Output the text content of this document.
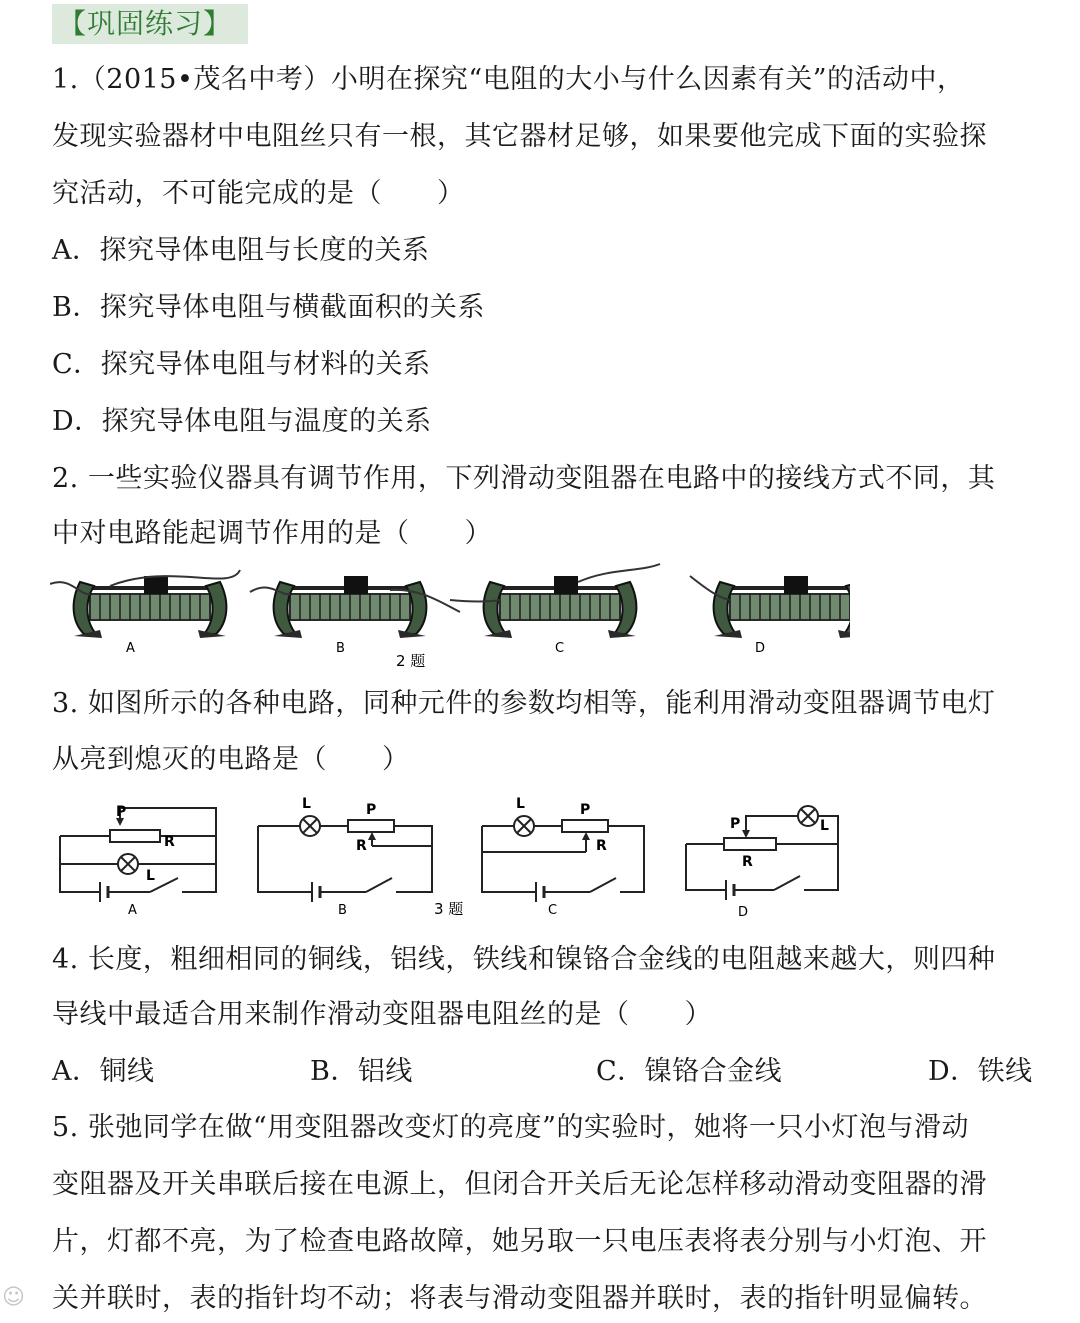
【巩固练习】
1.（2015•茂名中考）小明在探究“电阻的大小与什么因素有关”的活动中，
发现实验器材中电阻丝只有一根，其它器材足够，如果要他完成下面的实验探
究活动，不可能完成的是（　　）
A．探究导体电阻与长度的关系
B．探究导体电阻与横截面积的关系
C．探究导体电阻与材料的关系
D．探究导体电阻与温度的关系
2. 一些实验仪器具有调节作用，下列滑动变阻器在电路中的接线方式不同，其
中对电路能起调节作用的是（　　）
A	B	C	D
2 题
3. 如图所示的各种电路，同种元件的参数均相等，能利用滑动变阻器调节电灯
从亮到熄灭的电路是（　　）
P
R
L
L	P
R
L	P
R
P
R
L
A	B	3 题	C	D
4. 长度，粗细相同的铜线，铝线，铁线和镍铬合金线的电阻越来越大，则四种
导线中最适合用来制作滑动变阻器电阻丝的是（　　）
A．铜线	B．铝线	C．镍铬合金线	D．铁线
5. 张弛同学在做“用变阻器改变灯的亮度”的实验时，她将一只小灯泡与滑动
变阻器及开关串联后接在电源上，但闭合开关后无论怎样移动滑动变阻器的滑
片，灯都不亮，为了检查电路故障，她另取一只电压表将表分别与小灯泡、开
关并联时，表的指针均不动；将表与滑动变阻器并联时，表的指针明显偏转。
☺
